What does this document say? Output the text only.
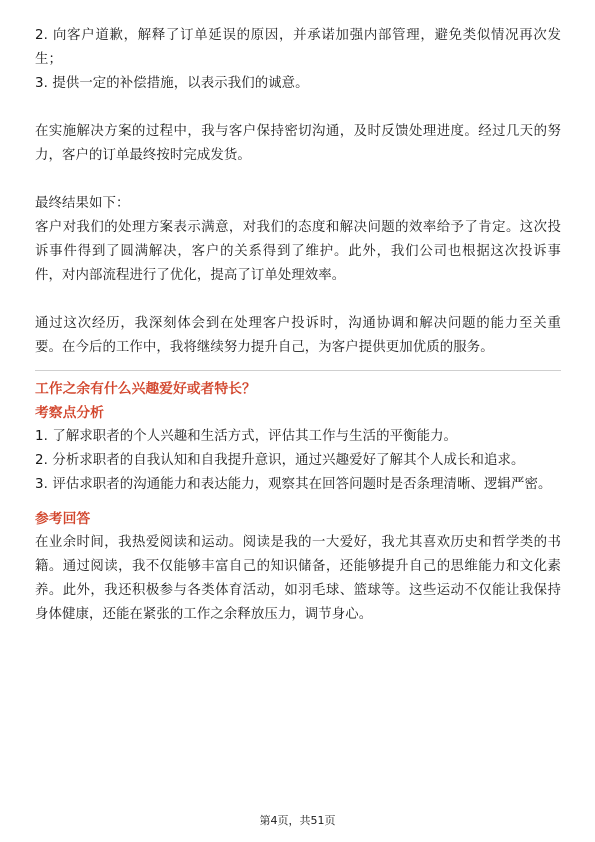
2. 向客户道歉，解释了订单延误的原因，并承诺加强内部管理，避免类似情况再次发生；

3. 提供一定的补偿措施，以表示我们的诚意。

在实施解决方案的过程中，我与客户保持密切沟通，及时反馈处理进度。经过几天的努力，客户的订单最终按时完成发货。

最终结果如下：

客户对我们的处理方案表示满意，对我们的态度和解决问题的效率给予了肯定。这次投诉事件得到了圆满解决，客户的关系得到了维护。此外，我们公司也根据这次投诉事件，对内部流程进行了优化，提高了订单处理效率。

通过这次经历，我深刻体会到在处理客户投诉时，沟通协调和解决问题的能力至关重要。在今后的工作中，我将继续努力提升自己，为客户提供更加优质的服务。

工作之余有什么兴趣爱好或者特长？

考察点分析

1. 了解求职者的个人兴趣和生活方式，评估其工作与生活的平衡能力。

2. 分析求职者的自我认知和自我提升意识，通过兴趣爱好了解其个人成长和追求。

3. 评估求职者的沟通能力和表达能力，观察其在回答问题时是否条理清晰、逻辑严密。

参考回答

在业余时间，我热爱阅读和运动。阅读是我的一大爱好，我尤其喜欢历史和哲学类的书籍。通过阅读，我不仅能够丰富自己的知识储备，还能够提升自己的思维能力和文化素养。此外，我还积极参与各类体育活动，如羽毛球、篮球等。这些运动不仅能让我保持身体健康，还能在紧张的工作之余释放压力，调节身心。

第4页，共51页
